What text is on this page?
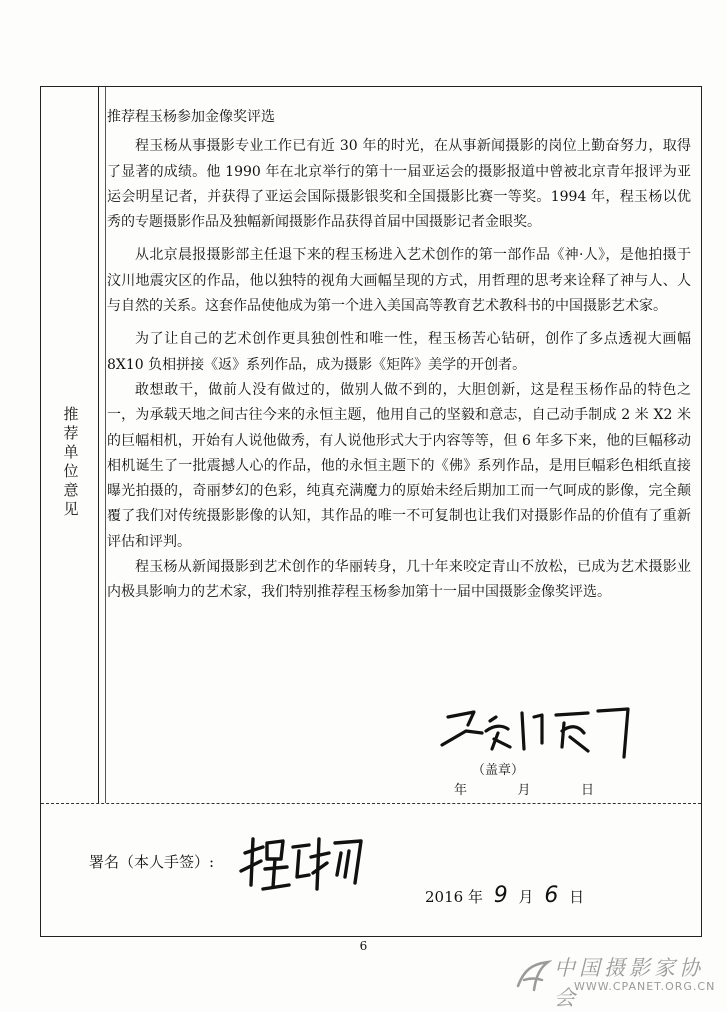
推荐单位意见

推荐程玉杨参加金像奖评选

程玉杨从事摄影专业工作已有近 30 年的时光，在从事新闻摄影的岗位上勤奋努力，取得了显著的成绩。他 1990 年在北京举行的第十一届亚运会的摄影报道中曾被北京青年报评为亚运会明星记者，并获得了亚运会国际摄影银奖和全国摄影比赛一等奖。1994 年，程玉杨以优秀的专题摄影作品及独幅新闻摄影作品获得首届中国摄影记者金眼奖。

从北京晨报摄影部主任退下来的程玉杨进入艺术创作的第一部作品《神·人》，是他拍摄于汶川地震灾区的作品，他以独特的视角大画幅呈现的方式，用哲理的思考来诠释了神与人、人与自然的关系。这套作品使他成为第一个进入美国高等教育艺术教科书的中国摄影艺术家。

为了让自己的艺术创作更具独创性和唯一性，程玉杨苦心钻研，创作了多点透视大画幅 8X10 负相拼接《返》系列作品，成为摄影《矩阵》美学的开创者。

敢想敢干，做前人没有做过的，做别人做不到的，大胆创新，这是程玉杨作品的特色之一，为承载天地之间古往今来的永恒主题，他用自己的坚毅和意志，自己动手制成 2 米 X2 米的巨幅相机，开始有人说他做秀，有人说他形式大于内容等等，但 6 年多下来，他的巨幅移动相机诞生了一批震撼人心的作品，他的永恒主题下的《佛》系列作品，是用巨幅彩色相纸直接曝光拍摄的，奇丽梦幻的色彩，纯真充满魔力的原始未经后期加工而一气呵成的影像，完全颠覆了我们对传统摄影影像的认知，其作品的唯一不可复制也让我们对摄影作品的价值有了重新评估和评判。

程玉杨从新闻摄影到艺术创作的华丽转身，几十年来咬定青山不放松，已成为艺术摄影业内极具影响力的艺术家，我们特别推荐程玉杨参加第十一届中国摄影金像奖评选。

（盖章）
年	月	日
署名（本人手签）:
2016 年 9 月 6 日
6
中国摄影家协会
WWW.CPANET.ORG.CN
